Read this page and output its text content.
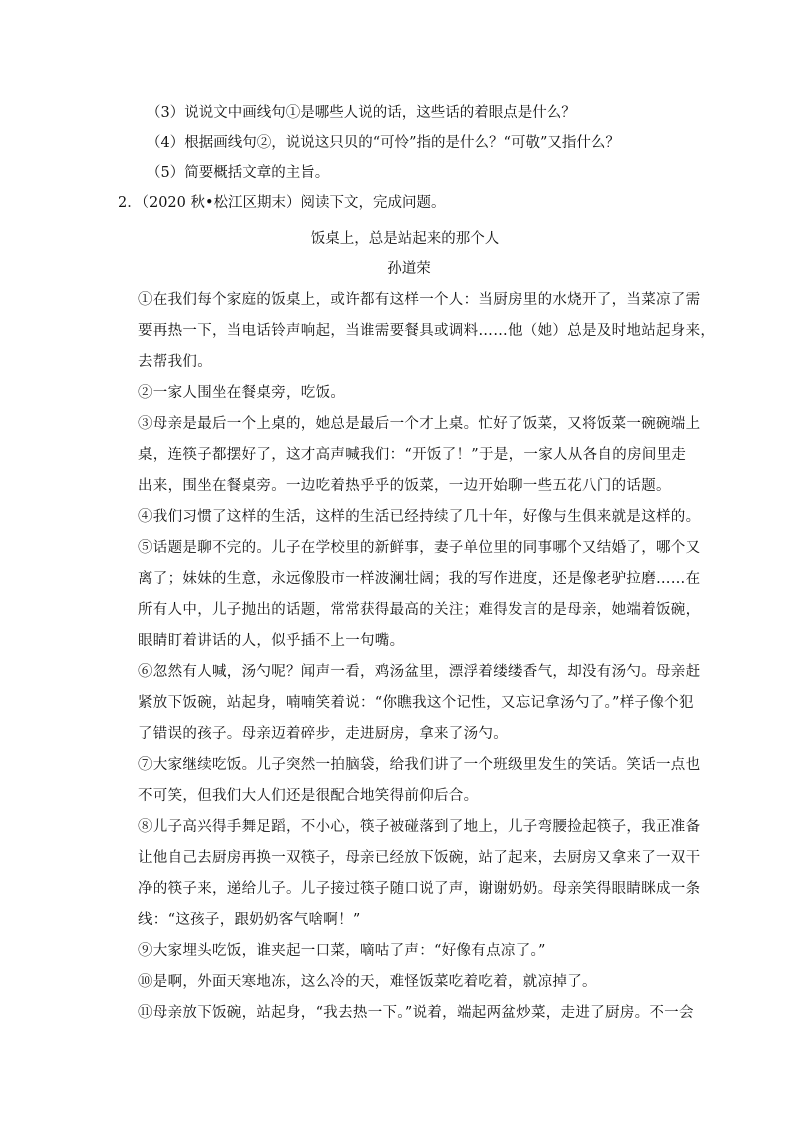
（3）说说文中画线句①是哪些人说的话，这些话的着眼点是什么？
（4）根据画线句②，说说这只贝的“可怜”指的是什么？“可敬”又指什么？
（5）简要概括文章的主旨。
2．（2020 秋•松江区期末）阅读下文，完成问题。
饭桌上，总是站起来的那个人
孙道荣
①在我们每个家庭的饭桌上，或许都有这样一个人：当厨房里的水烧开了，当菜凉了需
要再热一下，当电话铃声响起，当谁需要餐具或调料……他（她）总是及时地站起身来，
去帮我们。
②一家人围坐在餐桌旁，吃饭。
③母亲是最后一个上桌的，她总是最后一个才上桌。忙好了饭菜，又将饭菜一碗碗端上
桌，连筷子都摆好了，这才高声喊我们：“开饭了！”于是，一家人从各自的房间里走
出来，围坐在餐桌旁。一边吃着热乎乎的饭菜，一边开始聊一些五花八门的话题。
④我们习惯了这样的生活，这样的生活已经持续了几十年，好像与生俱来就是这样的。
⑤话题是聊不完的。儿子在学校里的新鲜事，妻子单位里的同事哪个又结婚了，哪个又
离了；妹妹的生意，永远像股市一样波澜壮阔；我的写作进度，还是像老驴拉磨……在
所有人中，儿子抛出的话题，常常获得最高的关注；难得发言的是母亲，她端着饭碗，
眼睛盯着讲话的人，似乎插不上一句嘴。
⑥忽然有人喊，汤勺呢？闻声一看，鸡汤盆里，漂浮着缕缕香气，却没有汤勺。母亲赶
紧放下饭碗，站起身，喃喃笑着说：“你瞧我这个记性，又忘记拿汤勺了。”样子像个犯
了错误的孩子。母亲迈着碎步，走进厨房，拿来了汤勺。
⑦大家继续吃饭。儿子突然一拍脑袋，给我们讲了一个班级里发生的笑话。笑话一点也
不可笑，但我们大人们还是很配合地笑得前仰后合。
⑧儿子高兴得手舞足蹈，不小心，筷子被碰落到了地上，儿子弯腰捡起筷子，我正准备
让他自己去厨房再换一双筷子，母亲已经放下饭碗，站了起来，去厨房又拿来了一双干
净的筷子来，递给儿子。儿子接过筷子随口说了声，谢谢奶奶。母亲笑得眼睛眯成一条
线：“这孩子，跟奶奶客气啥啊！”
⑨大家埋头吃饭，谁夹起一口菜，嘀咕了声：“好像有点凉了。”
⑩是啊，外面天寒地冻，这么冷的天，难怪饭菜吃着吃着，就凉掉了。
⑪母亲放下饭碗，站起身，“我去热一下。”说着，端起两盆炒菜，走进了厨房。不一会
